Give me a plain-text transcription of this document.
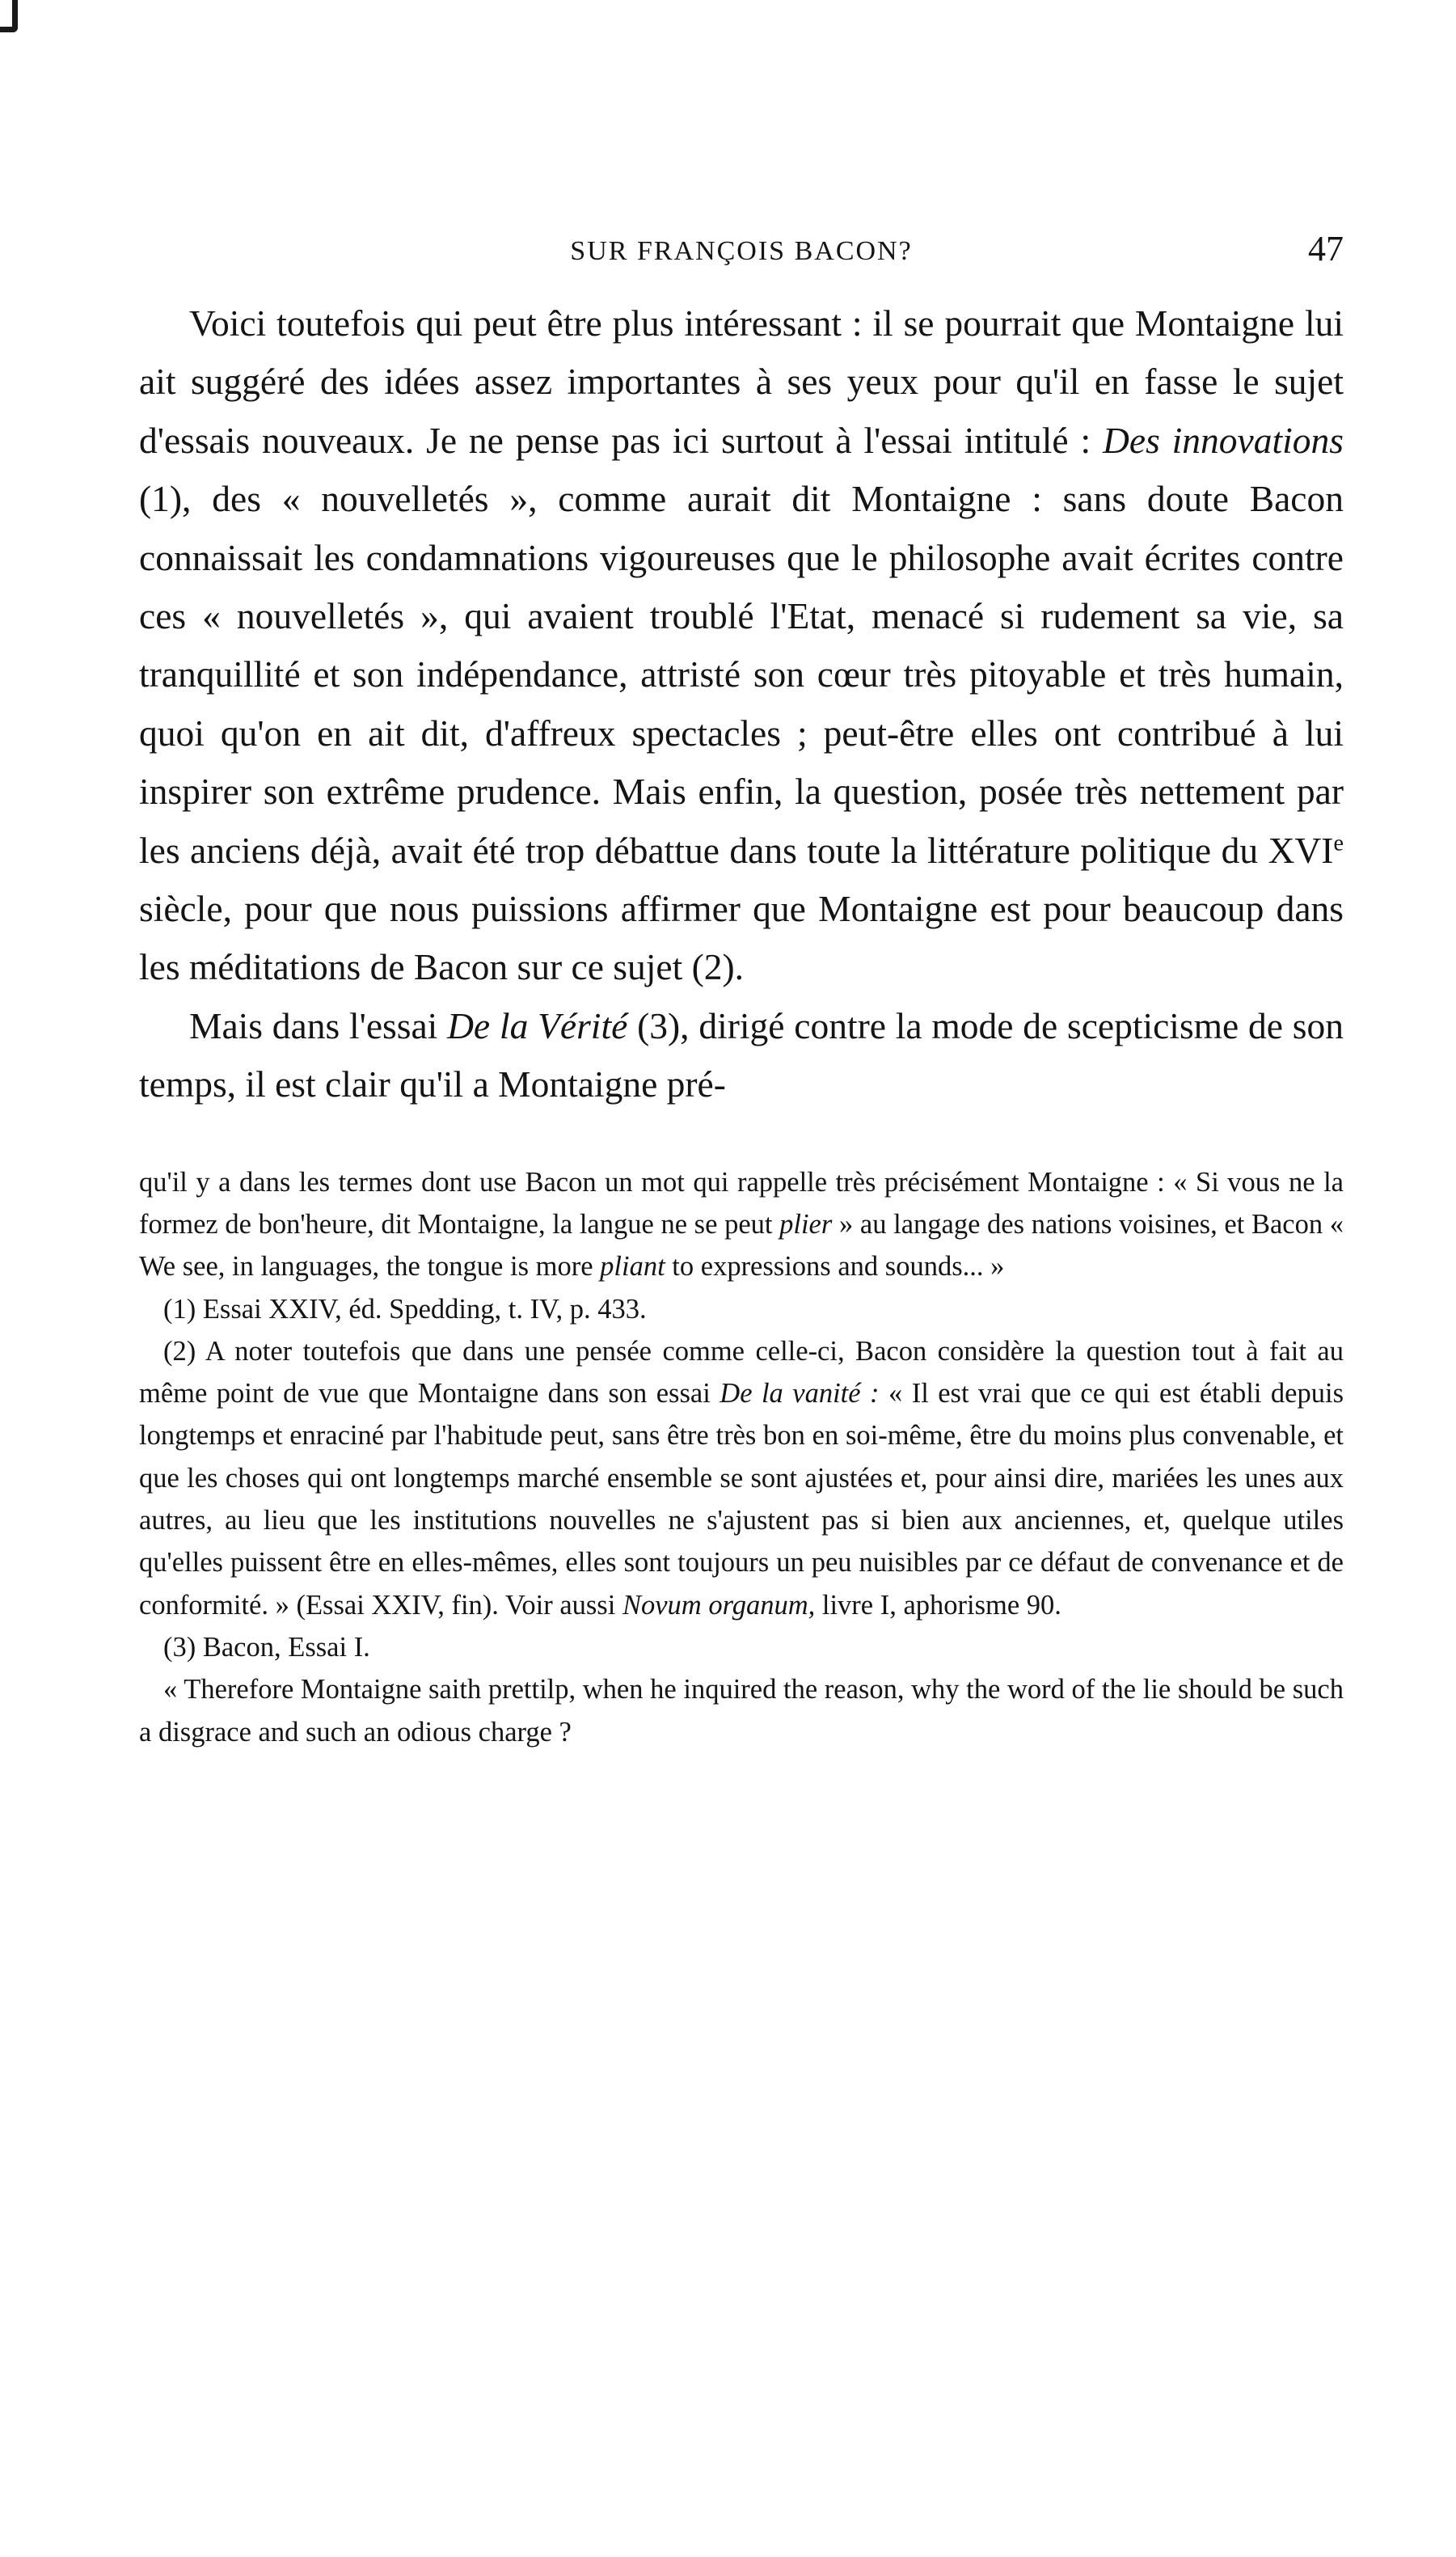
SUR FRANÇOIS BACON?	47

Voici toutefois qui peut être plus intéressant : il se pourrait que Montaigne lui ait suggéré des idées assez importantes à ses yeux pour qu'il en fasse le sujet d'essais nouveaux. Je ne pense pas ici surtout à l'essai intitulé : Des innovations (1), des « nouvelletés », comme aurait dit Montaigne : sans doute Bacon connaissait les condamnations vigoureuses que le philosophe avait écrites contre ces « nouvelletés », qui avaient troublé l'Etat, menacé si rudement sa vie, sa tranquillité et son indépendance, attristé son cœur très pitoyable et très humain, quoi qu'on en ait dit, d'affreux spectacles ; peut-être elles ont contribué à lui inspirer son extrême prudence. Mais enfin, la question, posée très nettement par les anciens déjà, avait été trop débattue dans toute la littérature politique du XVIe siècle, pour que nous puissions affirmer que Montaigne est pour beaucoup dans les méditations de Bacon sur ce sujet (2).

Mais dans l'essai De la Vérité (3), dirigé contre la mode de scepticisme de son temps, il est clair qu'il a Montaigne pré-

qu'il y a dans les termes dont use Bacon un mot qui rappelle très précisément Montaigne : « Si vous ne la formez de bon'heure, dit Montaigne, la langue ne se peut plier » au langage des nations voisines, et Bacon « We see, in languages, the tongue is more pliant to expressions and sounds... »

(1) Essai XXIV, éd. Spedding, t. IV, p. 433.

(2) A noter toutefois que dans une pensée comme celle-ci, Bacon considère la question tout à fait au même point de vue que Montaigne dans son essai De la vanité : « Il est vrai que ce qui est établi depuis longtemps et enraciné par l'habitude peut, sans être très bon en soi-même, être du moins plus convenable, et que les choses qui ont longtemps marché ensemble se sont ajustées et, pour ainsi dire, mariées les unes aux autres, au lieu que les institutions nouvelles ne s'ajustent pas si bien aux anciennes, et, quelque utiles qu'elles puissent être en elles-mêmes, elles sont toujours un peu nuisibles par ce défaut de convenance et de conformité. » (Essai XXIV, fin). Voir aussi Novum organum, livre I, aphorisme 90.

(3) Bacon, Essai I.

« Therefore Montaigne saith prettilp, when he inquired the reason, why the word of the lie should be such a disgrace and such an odious charge ?
